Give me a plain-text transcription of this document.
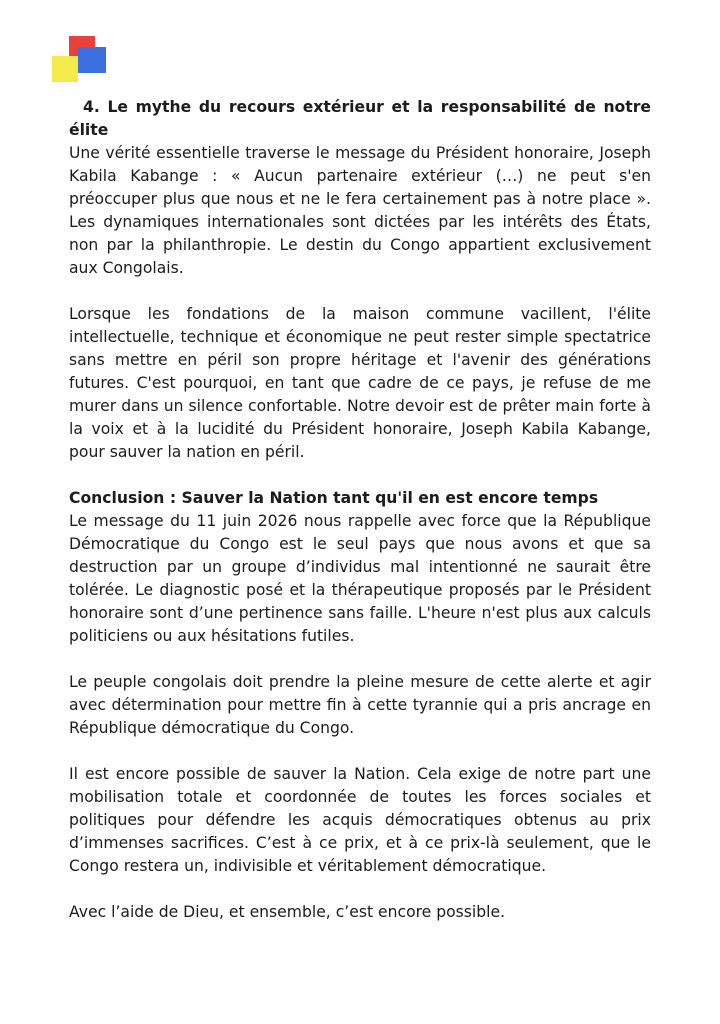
4. Le mythe du recours extérieur et la responsabilité de notre élite

Une vérité essentielle traverse le message du Président honoraire, Joseph Kabila Kabange : « Aucun partenaire extérieur (…) ne peut s'en préoccuper plus que nous et ne le fera certainement pas à notre place ». Les dynamiques internationales sont dictées par les intérêts des États, non par la philanthropie. Le destin du Congo appartient exclusivement aux Congolais.

Lorsque les fondations de la maison commune vacillent, l'élite intellectuelle, technique et économique ne peut rester simple spectatrice sans mettre en péril son propre héritage et l'avenir des générations futures. C'est pourquoi, en tant que cadre de ce pays, je refuse de me murer dans un silence confortable. Notre devoir est de prêter main forte à la voix et à la lucidité du Président honoraire, Joseph Kabila Kabange, pour sauver la nation en péril.

Conclusion : Sauver la Nation tant qu'il en est encore temps

Le message du 11 juin 2026 nous rappelle avec force que la République Démocratique du Congo est le seul pays que nous avons et que sa destruction par un groupe d’individus mal intentionné ne saurait être tolérée. Le diagnostic posé et la thérapeutique proposés par le Président honoraire sont d’une pertinence sans faille. L'heure n'est plus aux calculs politiciens ou aux hésitations futiles.

Le peuple congolais doit prendre la pleine mesure de cette alerte et agir avec détermination pour mettre fin à cette tyrannie qui a pris ancrage en République démocratique du Congo.

Il est encore possible de sauver la Nation. Cela exige de notre part une mobilisation totale et coordonnée de toutes les forces sociales et politiques pour défendre les acquis démocratiques obtenus au prix d’immenses sacrifices. C’est à ce prix, et à ce prix-là seulement, que le Congo restera un, indivisible et véritablement démocratique.

Avec l’aide de Dieu, et ensemble, c’est encore possible.
